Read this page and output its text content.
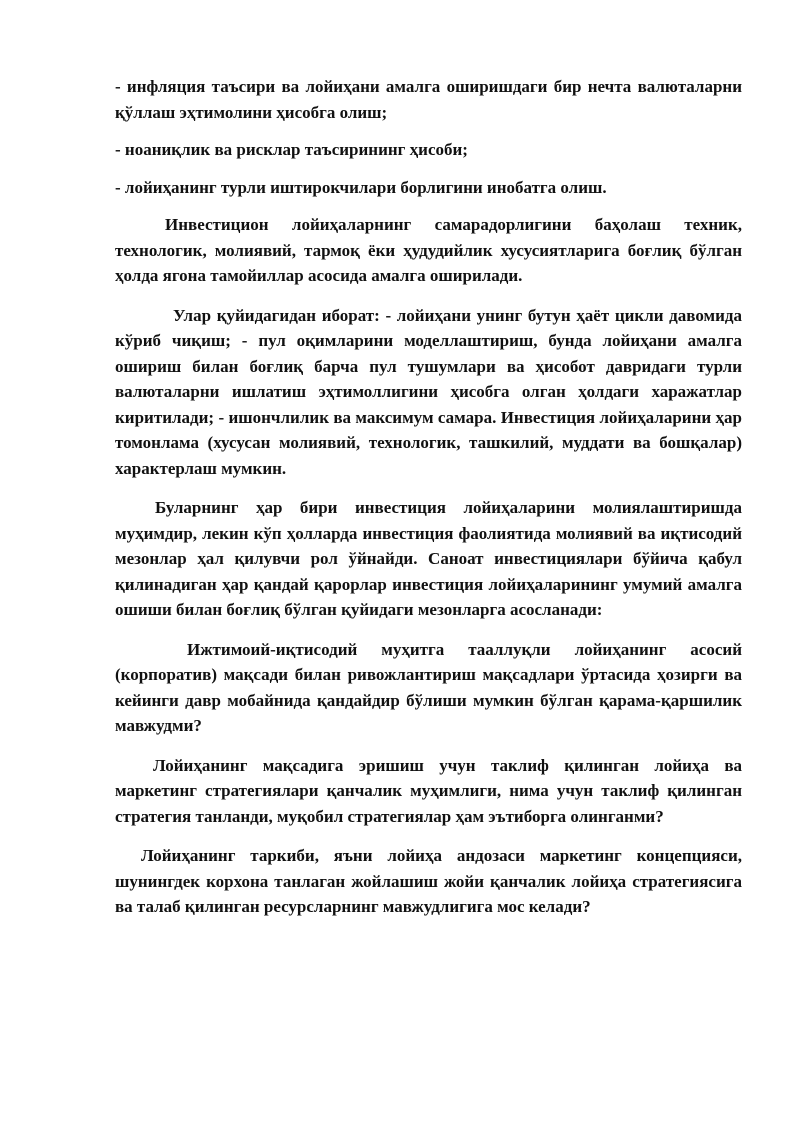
- инфляция таъсири ва лойиҳани амалга оширишдаги бир нечта валюталарни қўллаш эҳтимолини ҳисобга олиш;

- ноаниқлик ва рисклар таъсирининг ҳисоби;

- лойиҳанинг турли иштирокчилари борлигини инобатга олиш.

Инвестицион лойиҳаларнинг самарадорлигини баҳолаш техник, технологик, молиявий, тармоқ ёки ҳудудийлик хусусиятларига боғлиқ бўлган ҳолда ягона тамойиллар асосида амалга оширилади.

Улар қуйидагидан иборат: - лойиҳани унинг бутун ҳаёт цикли давомида кўриб чиқиш; - пул оқимларини моделлаштириш, бунда лойиҳани амалга ошириш билан боғлиқ барча пул тушумлари ва ҳисобот давридаги турли валюталарни ишлатиш эҳтимоллигини ҳисобга олган ҳолдаги харажатлар киритилади; - ишончлилик ва максимум самара. Инвестиция лойиҳаларини ҳар томонлама (хусусан молиявий, технологик, ташкилий, муддати ва бошқалар) характерлаш мумкин.

Буларнинг ҳар бири инвестиция лойиҳаларини молиялаштиришда муҳимдир, лекин кўп ҳолларда инвестиция фаолиятида молиявий ва иқтисодий мезонлар ҳал қилувчи рол ўйнайди. Саноат инвестициялари бўйича қабул қилинадиган ҳар қандай қарорлар инвестиция лойиҳаларининг умумий амалга ошиши билан боғлиқ бўлган қуйидаги мезонларга асосланади:

Ижтимоий-иқтисодий муҳитга тааллуқли лойиҳанинг асосий (корпоратив) мақсади билан ривожлантириш мақсадлари ўртасида ҳозирги ва кейинги давр мобайнида қандайдир бўлиши мумкин бўлган қарама-қаршилик мавжудми?

Лойиҳанинг мақсадига эришиш учун таклиф қилинган лойиҳа ва маркетинг стратегиялари қанчалик муҳимлиги, нима учун таклиф қилинган стратегия танланди, муқобил стратегиялар ҳам эътиборга олинганми?

Лойиҳанинг таркиби, яъни лойиҳа андозаси маркетинг концепцияси, шунингдек корхона танлаган жойлашиш жойи қанчалик лойиҳа стратегиясига ва талаб қилинган ресурсларнинг мавжудлигига мос келади?
